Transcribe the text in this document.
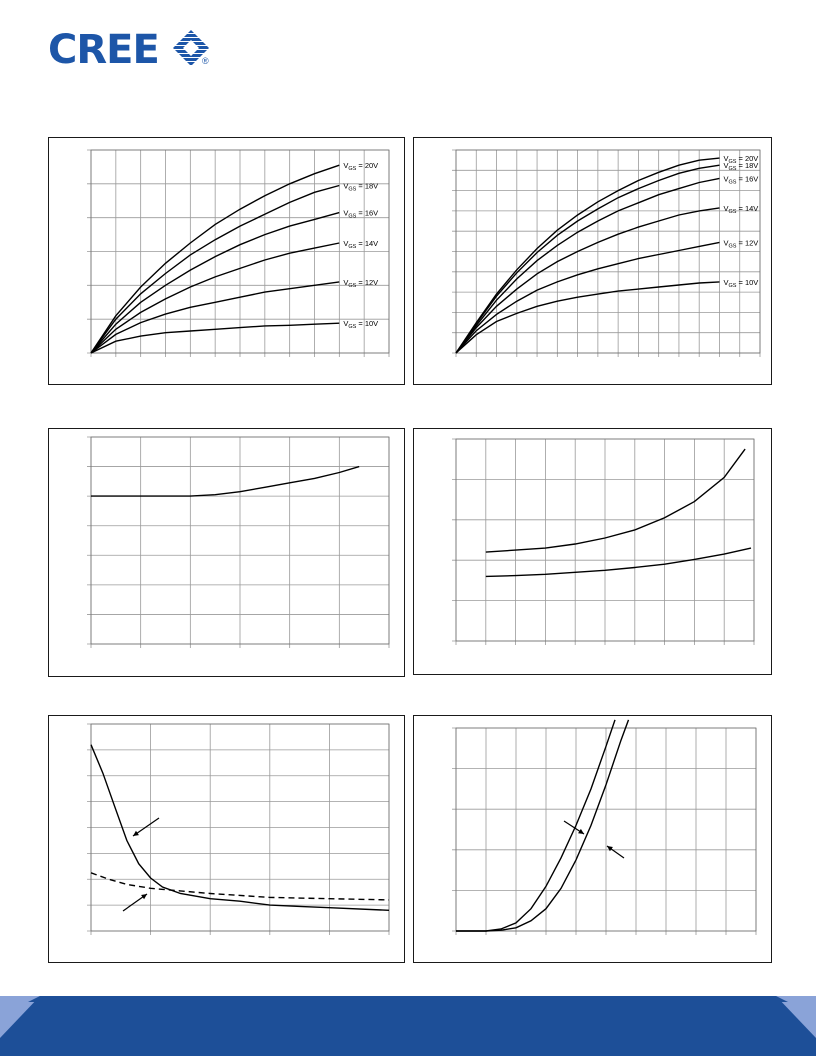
CREE	®
$V_{GS} = 20V$
$V_{GS} = 18V$
$V_{GS} = 16V$
$V_{GS} = 14V$
$V_{GS} = 12V$
$V_{GS} = 10V$
$V_{GS} = 20V$
$V_{GS} = 18V$
$V_{GS} = 16V$
$V_{GS} = 14V$
$V_{GS} = 12V$
$V_{GS} = 10V$
